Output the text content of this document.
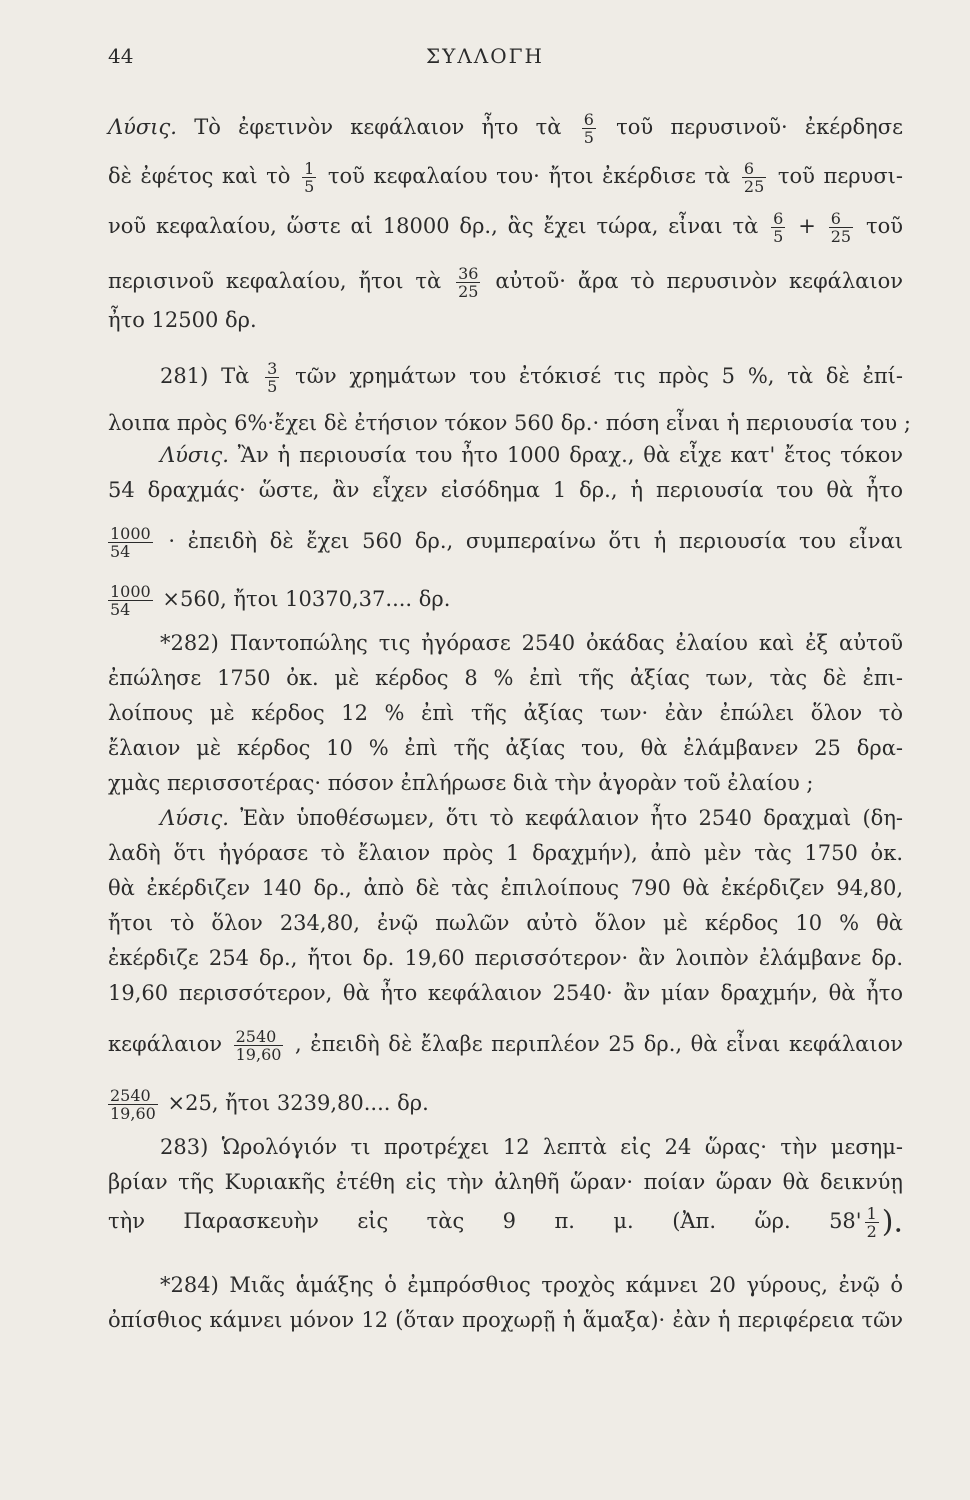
44	ΣΥΛΛΟΓΗ
Λύσις. Τὸ ἐφετινὸν κεφάλαιον ἦτο τὰ $\frac{6}{5}$ τοῦ περυσινοῦ· ἐκέρδησε
δὲ ἐφέτος καὶ τὸ $\frac{1}{5}$ τοῦ κεφαλαίου του· ἤτοι ἐκέρδισε τὰ $\frac{6}{25}$ τοῦ περυσι-
νοῦ κεφαλαίου, ὥστε αἱ 18000 δρ., ἃς ἔχει τώρα, εἶναι τὰ $\frac{6}{5} + \frac{6}{25}$ τοῦ
περισινοῦ κεφαλαίου, ἤτοι τὰ $\frac{36}{25}$ αὐτοῦ· ἄρα τὸ περυσινὸν κεφάλαιον
ἦτο 12500 δρ.
281) Τὰ $\frac{3}{5}$ τῶν χρημάτων του ἐτόκισέ τις πρὸς 5 %, τὰ δὲ ἐπί-
λοιπα πρὸς 6%·ἔχει δὲ ἐτήσιον τόκον 560 δρ.· πόση εἶναι ἡ περιουσία του ;
Λύσις. Ἂν ἡ περιουσία του ἦτο 1000 δραχ., θὰ εἶχε κατ' ἔτος τόκον
54 δραχμάς· ὥστε, ἂν εἶχεν εἰσόδημα 1 δρ., ἡ περιουσία του θὰ ἦτο
$\frac{1000}{54}$ · ἐπειδὴ δὲ ἔχει 560 δρ., συμπεραίνω ὅτι ἡ περιουσία του εἶναι
$\frac{1000}{54} \times 560$, ἤτοι 10370,37.... δρ.
*282) Παντοπώλης τις ἠγόρασε 2540 ὀκάδας ἐλαίου καὶ ἐξ αὐτοῦ
ἐπώλησε 1750 ὀκ. μὲ κέρδος 8 % ἐπὶ τῆς ἀξίας των, τὰς δὲ ἐπι-
λοίπους μὲ κέρδος 12 % ἐπὶ τῆς ἀξίας των· ἐὰν ἐπώλει ὅλον τὸ
ἔλαιον μὲ κέρδος 10 % ἐπὶ τῆς ἀξίας του, θὰ ἐλάμβανεν 25 δρα-
χμὰς περισσοτέρας· πόσον ἐπλήρωσε διὰ τὴν ἀγορὰν τοῦ ἐλαίου ;
Λύσις. Ἐὰν ὑποθέσωμεν, ὅτι τὸ κεφάλαιον ἦτο 2540 δραχμαὶ (δη-
λαδὴ ὅτι ἠγόρασε τὸ ἔλαιον πρὸς 1 δραχμήν), ἀπὸ μὲν τὰς 1750 ὀκ.
θὰ ἐκέρδιζεν 140 δρ., ἀπὸ δὲ τὰς ἐπιλοίπους 790 θὰ ἐκέρδιζεν 94,80,
ἤτοι τὸ ὅλον 234,80, ἐνῷ πωλῶν αὐτὸ ὅλον μὲ κέρδος 10 % θὰ
ἐκέρδιζε 254 δρ., ἤτοι δρ. 19,60 περισσότερον· ἂν λοιπὸν ἐλάμβανε δρ.
19,60 περισσότερον, θὰ ἦτο κεφάλαιον 2540· ἂν μίαν δραχμήν, θὰ ἦτο
κεφάλαιον $\frac{2540}{19,60}$ , ἐπειδὴ δὲ ἔλαβε περιπλέον 25 δρ., θὰ εἶναι κεφάλαιον
$\frac{2540}{19,60} \times 25$, ἤτοι 3239,80.... δρ.
283) Ὡρολόγιόν τι προτρέχει 12 λεπτὰ εἰς 24 ὥρας· τὴν μεσημ-
βρίαν τῆς Κυριακῆς ἐτέθη εἰς τὴν ἀληθῆ ὥραν· ποίαν ὥραν θὰ δεικνύῃ
τὴν Παρασκευὴν εἰς τὰς 9 π. μ. (Ἀπ. ὥρ. $58' \frac{1}{2}$ ).
*284) Μιᾶς ἁμάξης ὁ ἐμπρόσθιος τροχὸς κάμνει 20 γύρους, ἐνῷ ὁ
ὀπίσθιος κάμνει μόνον 12 (ὅταν προχωρῇ ἡ ἅμαξα)· ἐὰν ἡ περιφέρεια τῶν
